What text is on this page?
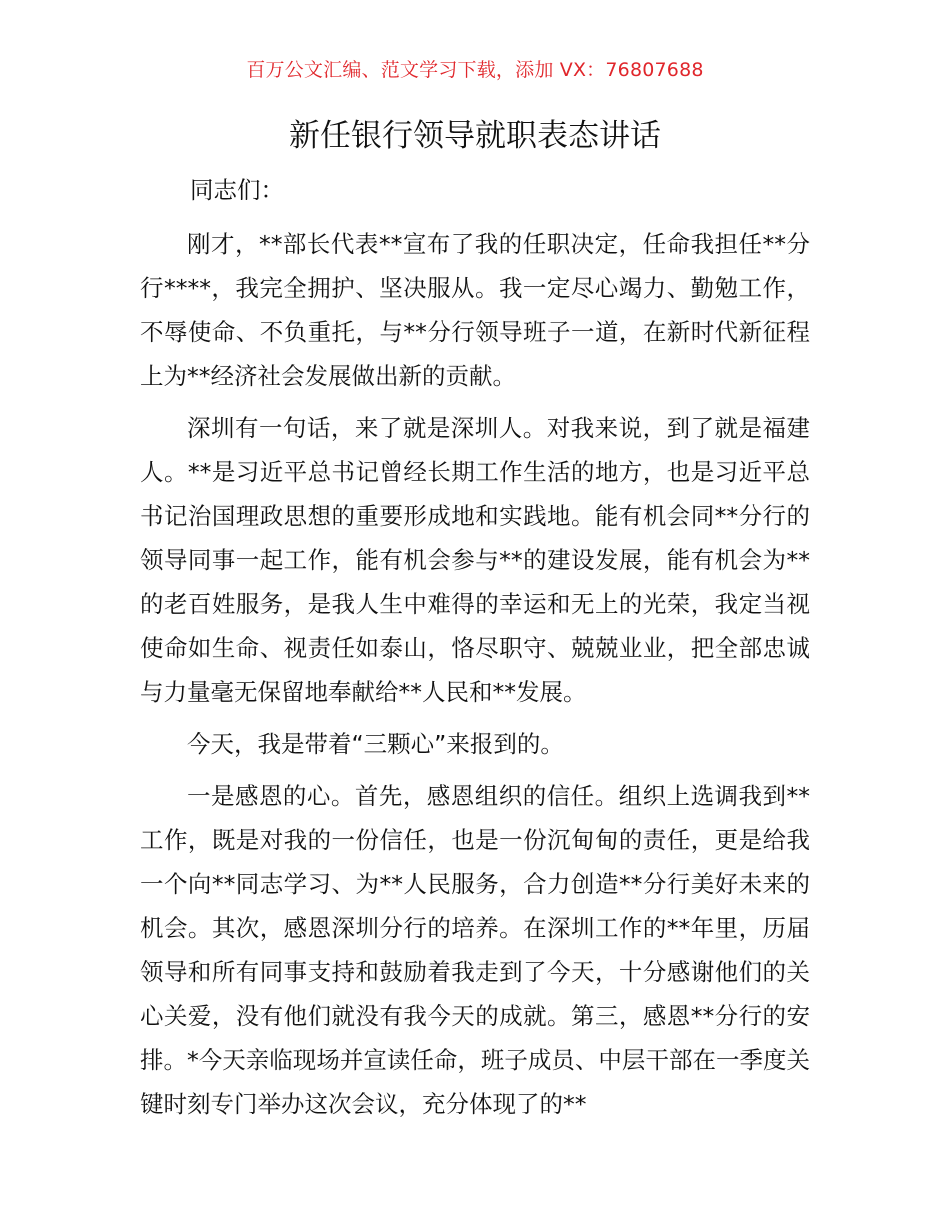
百万公文汇编、范文学习下载，添加 VX：76807688
新任银行领导就职表态讲话

同志们：

刚才，**部长代表**宣布了我的任职决定，任命我担任**分行****，我完全拥护、坚决服从。我一定尽心竭力、勤勉工作，不辱使命、不负重托，与**分行领导班子一道，在新时代新征程上为**经济社会发展做出新的贡献。

深圳有一句话，来了就是深圳人。对我来说，到了就是福建人。**是习近平总书记曾经长期工作生活的地方，也是习近平总书记治国理政思想的重要形成地和实践地。能有机会同**分行的领导同事一起工作，能有机会参与**的建设发展，能有机会为**的老百姓服务，是我人生中难得的幸运和无上的光荣，我定当视使命如生命、视责任如泰山，恪尽职守、兢兢业业，把全部忠诚与力量毫无保留地奉献给**人民和**发展。

今天，我是带着“三颗心”来报到的。

一是感恩的心。首先，感恩组织的信任。组织上选调我到**工作，既是对我的一份信任，也是一份沉甸甸的责任，更是给我一个向**同志学习、为**人民服务，合力创造**分行美好未来的机会。其次，感恩深圳分行的培养。在深圳工作的**年里，历届领导和所有同事支持和鼓励着我走到了今天，十分感谢他们的关心关爱，没有他们就没有我今天的成就。第三，感恩**分行的安排。*今天亲临现场并宣读任命，班子成员、中层干部在一季度关键时刻专门举办这次会议，充分体现了的**
